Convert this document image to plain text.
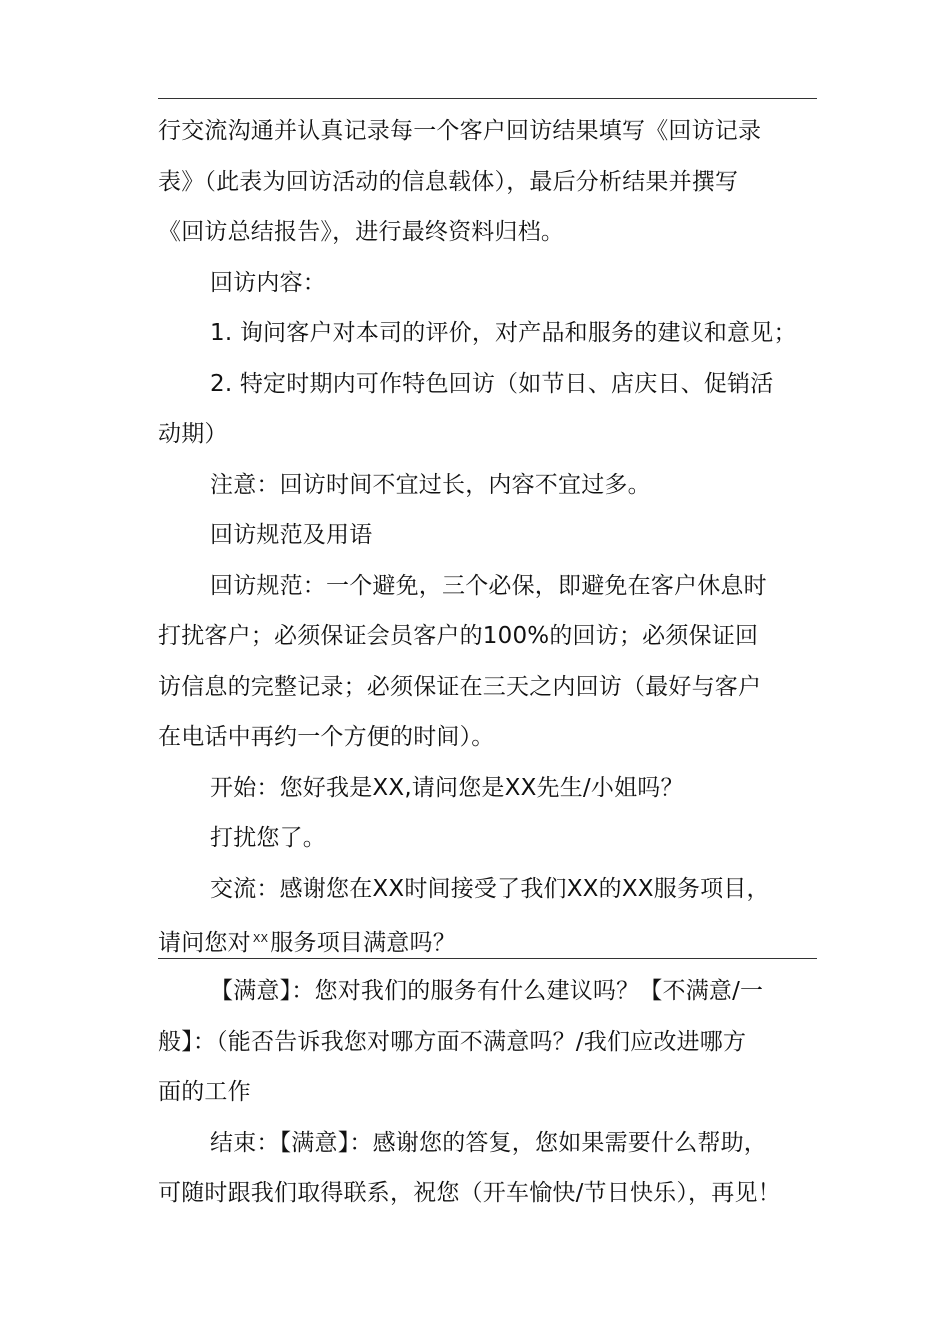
行交流沟通并认真记录每一个客户回访结果填写《回访记录
表》（此表为回访活动的信息载体），最后分析结果并撰写
《回访总结报告》，进行最终资料归档。
回访内容：
1. 询问客户对本司的评价，对产品和服务的建议和意见；
2. 特定时期内可作特色回访（如节日、店庆日、促销活
动期）
注意：回访时间不宜过长，内容不宜过多。
回访规范及用语
回访规范：一个避免，三个必保，即避免在客户休息时
打扰客户；必须保证会员客户的100%的回访；必须保证回
访信息的完整记录；必须保证在三天之内回访（最好与客户
在电话中再约一个方便的时间）。
开始：您好我是XX,请问您是XX先生/小姐吗？
打扰您了。
交流：感谢您在XX时间接受了我们XX的XX服务项目，
请问您对 $^{XX}$服务项目满意吗？
【满意】：您对我们的服务有什么建议吗？【不满意/一
般】：（能否告诉我您对哪方面不满意吗？/我们应改进哪方
面的工作
结束：【满意】：感谢您的答复，您如果需要什么帮助，
可随时跟我们取得联系，祝您（开车愉快/节日快乐），再见！
